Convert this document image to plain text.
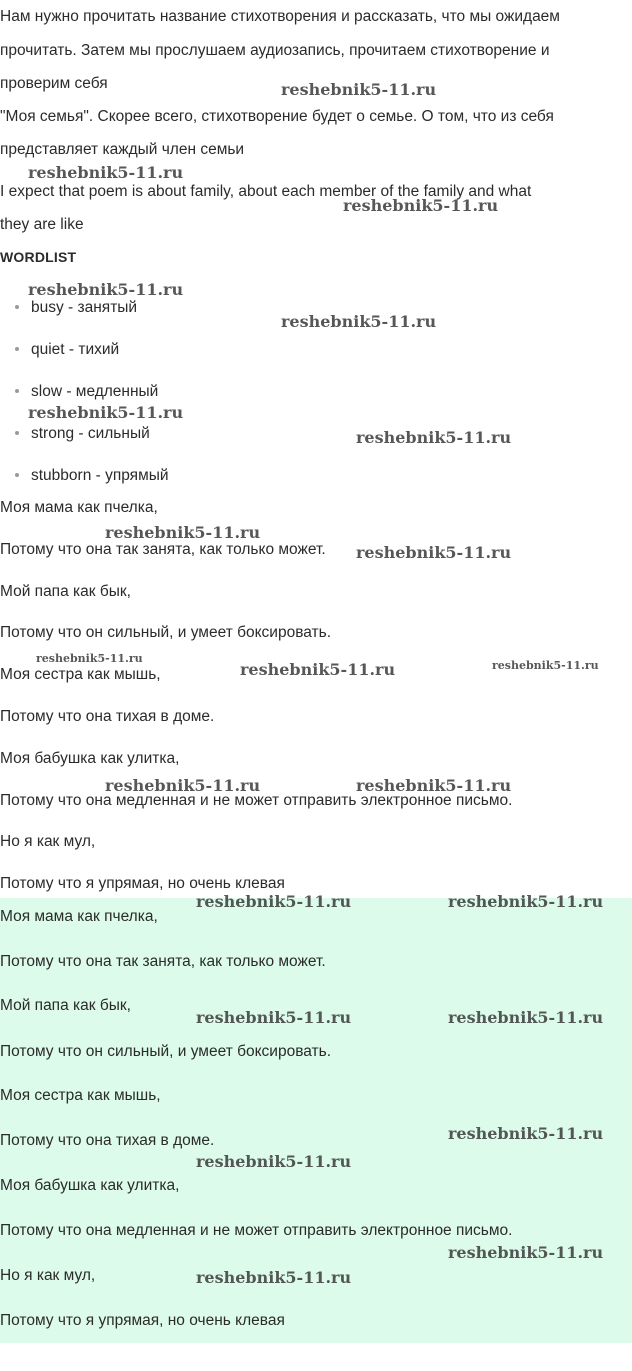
Нам нужно прочитать название стихотворения и рассказать, что мы ожидаем
прочитать. Затем мы прослушаем аудиозапись, прочитаем стихотворение и
проверим себя
"Моя семья". Скорее всего, стихотворение будет о семье. О том, что из себя
представляет каждый член семьи
I expect that poem is about family, about each member of the family and what
they are like
WORDLIST
busy - занятый
quiet - тихий
slow - медленный
strong - сильный
stubborn - упрямый
Моя мама как пчелка,
Потому что она так занята, как только может.
Мой папа как бык,
Потому что он сильный, и умеет боксировать.
Моя сестра как мышь,
Потому что она тихая в доме.
Моя бабушка как улитка,
Потому что она медленная и не может отправить электронное письмо.
Но я как мул,
Потому что я упрямая, но очень клевая
Моя мама как пчелка,
Потому что она так занята, как только может.
Мой папа как бык,
Потому что он сильный, и умеет боксировать.
Моя сестра как мышь,
Потому что она тихая в доме.
Моя бабушка как улитка,
Потому что она медленная и не может отправить электронное письмо.
Но я как мул,
Потому что я упрямая, но очень клевая
reshebnik5-11.ru
reshebnik5-11.ru
reshebnik5-11.ru
reshebnik5-11.ru
reshebnik5-11.ru
reshebnik5-11.ru
reshebnik5-11.ru
reshebnik5-11.ru
reshebnik5-11.ru
reshebnik5-11.ru
reshebnik5-11.ru	reshebnik5-11.ru
reshebnik5-11.ru	reshebnik5-11.ru
reshebnik5-11.ru	reshebnik5-11.ru
reshebnik5-11.ru	reshebnik5-11.ru
reshebnik5-11.ru
reshebnik5-11.ru
reshebnik5-11.ru
reshebnik5-11.ru
